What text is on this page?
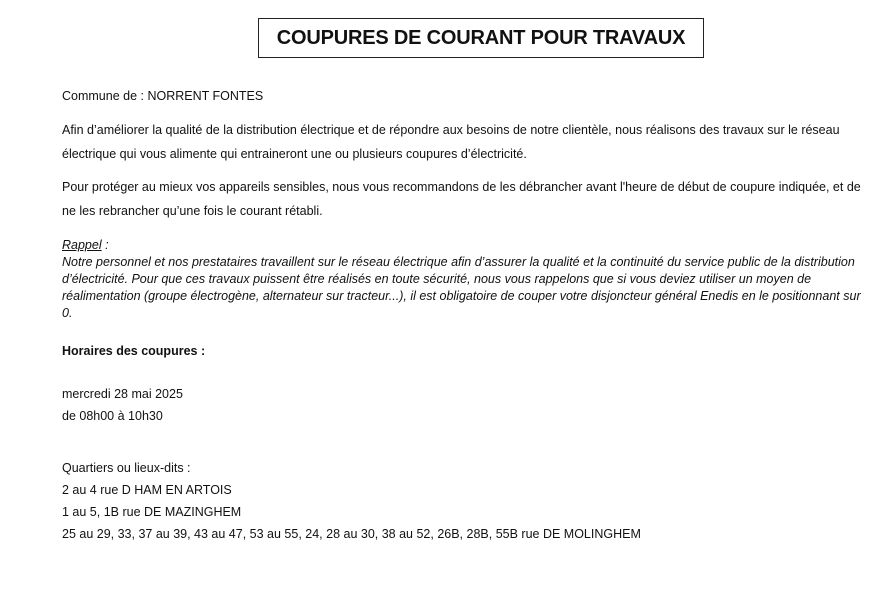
COUPURES DE COURANT POUR TRAVAUX
Commune de : NORRENT FONTES
Afin d’améliorer la qualité de la distribution électrique et de répondre aux besoins de notre clientèle, nous réalisons des travaux sur le réseau électrique qui vous alimente qui entraineront une ou plusieurs coupures d’électricité.
Pour protéger au mieux vos appareils sensibles, nous vous recommandons de les débrancher avant l'heure de début de coupure indiquée, et de ne les rebrancher qu’une fois le courant rétabli.
Rappel :
Notre personnel et nos prestataires travaillent sur le réseau électrique afin d’assurer la qualité et la continuité du service public de la distribution d’électricité. Pour que ces travaux puissent être réalisés en toute sécurité, nous vous rappelons que si vous deviez utiliser un moyen de réalimentation (groupe électrogène, alternateur sur tracteur...), il est obligatoire de couper votre disjoncteur général Enedis en le positionnant sur 0.
Horaires des coupures :
mercredi 28 mai 2025
de 08h00 à 10h30
Quartiers ou lieux-dits :
2 au 4 rue D HAM EN ARTOIS
1 au 5, 1B rue DE MAZINGHEM
25 au 29, 33, 37 au 39, 43 au 47, 53 au 55, 24, 28 au 30, 38 au 52, 26B, 28B, 55B rue DE MOLINGHEM
